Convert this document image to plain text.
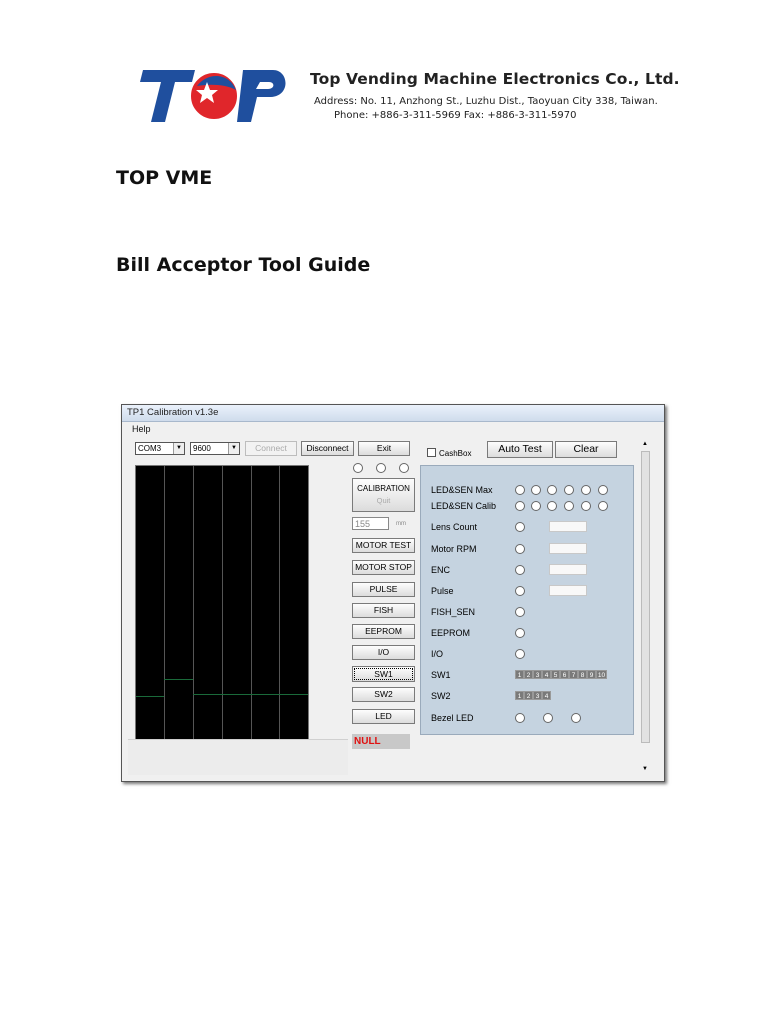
Top Vending Machine Electronics Co., Ltd.
Address: No. 11, Anzhong St., Luzhu Dist., Taoyuan City 338, Taiwan.
Phone: +886-3-311-5969 Fax: +886-3-311-5970
TOP VME
Bill Acceptor Tool Guide
TP1 Calibration v1.3e
Help
COM3	▼	9600	▼	Connect	Disconnect	Exit
CashBox	Auto Test	Clear
CALIBRATION
Quit
155	mm
MOTOR TEST
MOTOR STOP
PULSE
FISH
EEPROM
I/O
SW1
SW2
LED
NULL
LED&SEN Max
LED&SEN Calib
Lens Count
Motor RPM
ENC
Pulse
FISH_SEN
EEPROM
I/O
SW1	1 2 3 4 5 6 7 8 9 10
SW2	1 2 3 4
Bezel LED
▲
▼
